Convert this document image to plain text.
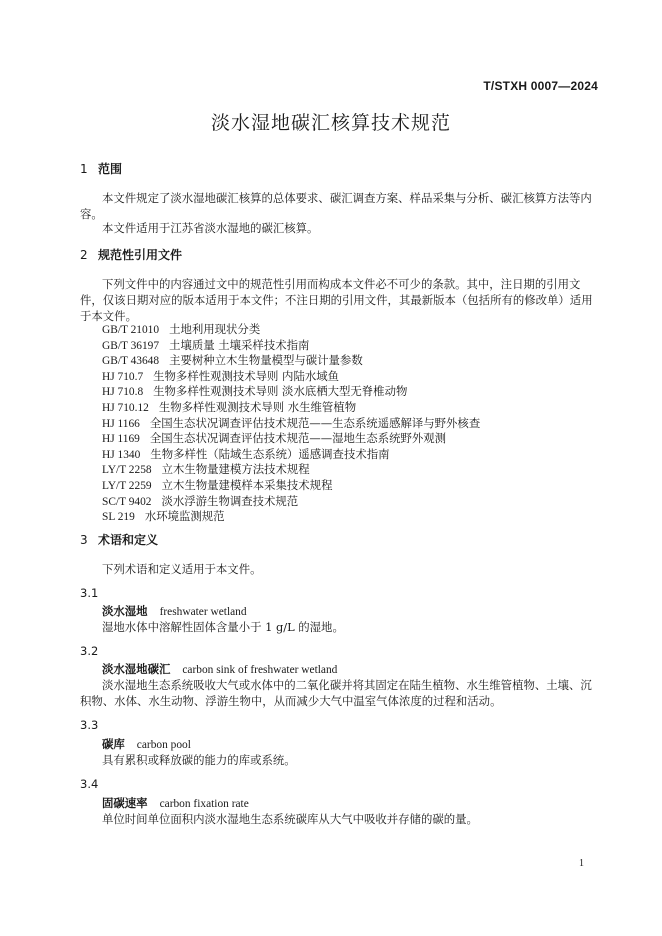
T/STXH 0007—2024
淡水湿地碳汇核算技术规范
1 范围

本文件规定了淡水湿地碳汇核算的总体要求、碳汇调查方案、样品采集与分析、碳汇核算方法等内容。

本文件适用于江苏省淡水湿地的碳汇核算。

2 规范性引用文件

下列文件中的内容通过文中的规范性引用而构成本文件必不可少的条款。其中，注日期的引用文件，仅该日期对应的版本适用于本文件；不注日期的引用文件，其最新版本（包括所有的修改单）适用于本文件。

GB/T 21010 土地利用现状分类
GB/T 36197 土壤质量 土壤采样技术指南
GB/T 43648 主要树种立木生物量模型与碳计量参数
HJ 710.7 生物多样性观测技术导则 内陆水域鱼
HJ 710.8 生物多样性观测技术导则 淡水底栖大型无脊椎动物
HJ 710.12 生物多样性观测技术导则 水生维管植物
HJ 1166 全国生态状况调查评估技术规范——生态系统遥感解译与野外核查
HJ 1169 全国生态状况调查评估技术规范——湿地生态系统野外观测
HJ 1340 生物多样性（陆域生态系统）遥感调查技术指南
LY/T 2258 立木生物量建模方法技术规程
LY/T 2259 立木生物量建模样本采集技术规程
SC/T 9402 淡水浮游生物调查技术规范
SL 219 水环境监测规范
3 术语和定义

下列术语和定义适用于本文件。

3.1
淡水湿地 freshwater wetland

湿地水体中溶解性固体含量小于 1 g/L 的湿地。

3.2
淡水湿地碳汇 carbon sink of freshwater wetland

淡水湿地生态系统吸收大气或水体中的二氧化碳并将其固定在陆生植物、水生维管植物、土壤、沉积物、水体、水生动物、浮游生物中，从而减少大气中温室气体浓度的过程和活动。

3.3
碳库 carbon pool

具有累积或释放碳的能力的库或系统。

3.4
固碳速率 carbon fixation rate

单位时间单位面积内淡水湿地生态系统碳库从大气中吸收并存储的碳的量。

1
